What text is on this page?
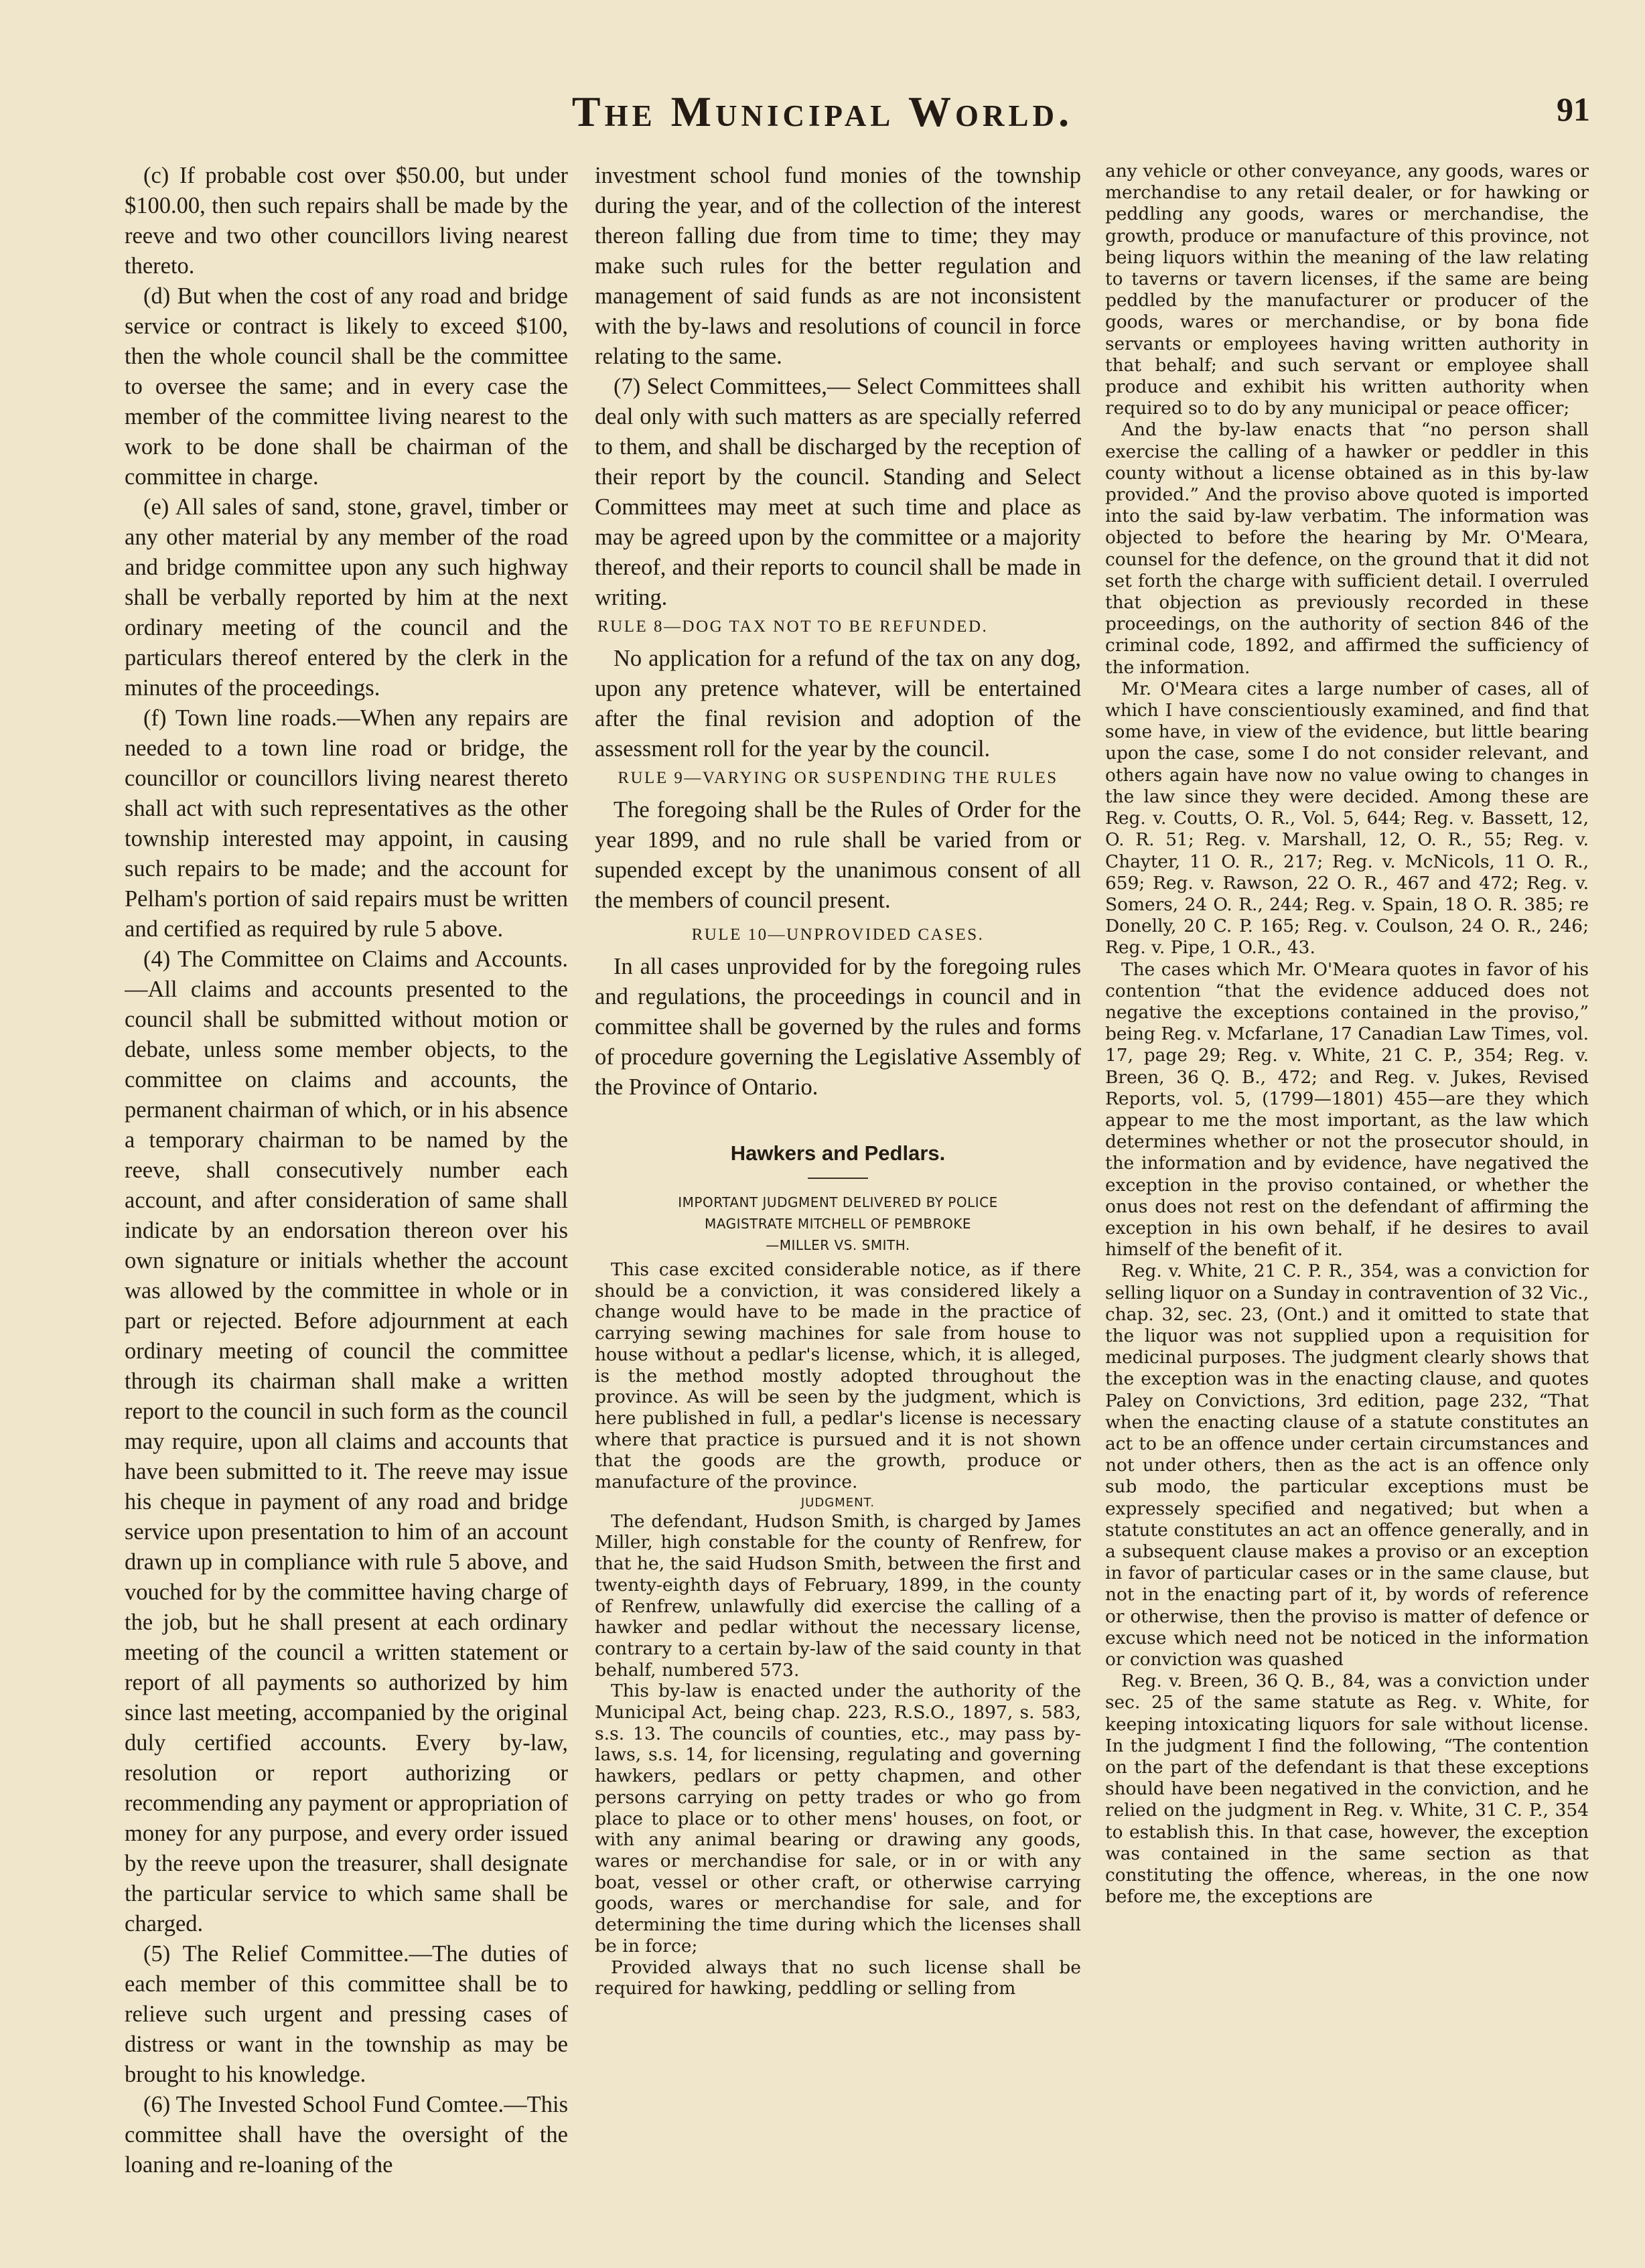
The Municipal World.	91

(c) If probable cost over $50.00, but under $100.00, then such repairs shall be made by the reeve and two other councillors living nearest thereto.

(d) But when the cost of any road and bridge service or contract is likely to exceed $100, then the whole council shall be the committee to oversee the same; and in every case the member of the committee living nearest to the work to be done shall be chairman of the committee in charge.

(e) All sales of sand, stone, gravel, timber or any other material by any member of the road and bridge committee upon any such highway shall be verbally reported by him at the next ordinary meeting of the council and the particulars thereof entered by the clerk in the minutes of the proceedings.

(f) Town line roads.—When any repairs are needed to a town line road or bridge, the councillor or councillors living nearest thereto shall act with such representatives as the other township interested may appoint, in causing such repairs to be made; and the account for Pelham's portion of said repairs must be written and certified as required by rule 5 above.

(4) The Committee on Claims and Accounts.—All claims and accounts presented to the council shall be submitted without motion or debate, unless some member objects, to the committee on claims and accounts, the permanent chairman of which, or in his absence a temporary chairman to be named by the reeve, shall consecutively number each account, and after consideration of same shall indicate by an endorsation thereon over his own signature or initials whether the account was allowed by the committee in whole or in part or rejected. Before adjournment at each ordinary meeting of council the committee through its chairman shall make a written report to the council in such form as the council may require, upon all claims and accounts that have been submitted to it. The reeve may issue his cheque in payment of any road and bridge service upon presentation to him of an account drawn up in compliance with rule 5 above, and vouched for by the committee having charge of the job, but he shall present at each ordinary meeting of the council a written statement or report of all payments so authorized by him since last meeting, accompanied by the original duly certified accounts. Every by-law, resolution or report authorizing or recommending any payment or appropriation of money for any purpose, and every order issued by the reeve upon the treasurer, shall designate the particular service to which same shall be charged.

(5) The Relief Committee.—The duties of each member of this committee shall be to relieve such urgent and pressing cases of distress or want in the township as may be brought to his knowledge.

(6) The Invested School Fund Comtee.—This committee shall have the oversight of the loaning and re-loaning of the

investment school fund monies of the township during the year, and of the collection of the interest thereon falling due from time to time; they may make such rules for the better regulation and management of said funds as are not inconsistent with the by-laws and resolutions of council in force relating to the same.

(7) Select Committees,— Select Committees shall deal only with such matters as are specially referred to them, and shall be discharged by the reception of their report by the council. Standing and Select Committees may meet at such time and place as may be agreed upon by the committee or a majority thereof, and their reports to council shall be made in writing.

RULE 8—DOG TAX NOT TO BE REFUNDED.

No application for a refund of the tax on any dog, upon any pretence whatever, will be entertained after the final revision and adoption of the assessment roll for the year by the council.

RULE 9—VARYING OR SUSPENDING THE RULES

The foregoing shall be the Rules of Order for the year 1899, and no rule shall be varied from or supended except by the unanimous consent of all the members of council present.

RULE 10—UNPROVIDED CASES.

In all cases unprovided for by the foregoing rules and regulations, the proceedings in council and in committee shall be governed by the rules and forms of procedure governing the Legislative Assembly of the Province of Ontario.

Hawkers and Pedlars.
IMPORTANT JUDGMENT DELIVERED BY POLICE
MAGISTRATE MITCHELL OF PEMBROKE
—MILLER VS. SMITH.

This case excited considerable notice, as if there should be a conviction, it was considered likely a change would have to be made in the practice of carrying sewing machines for sale from house to house without a pedlar's license, which, it is alleged, is the method mostly adopted throughout the province. As will be seen by the judgment, which is here published in full, a pedlar's license is necessary where that practice is pursued and it is not shown that the goods are the growth, produce or manufacture of the province.

JUDGMENT.

The defendant, Hudson Smith, is charged by James Miller, high constable for the county of Renfrew, for that he, the said Hudson Smith, between the first and twenty-eighth days of February, 1899, in the county of Renfrew, unlawfully did exercise the calling of a hawker and pedlar without the necessary license, contrary to a certain by-law of the said county in that behalf, numbered 573.

This by-law is enacted under the authority of the Municipal Act, being chap. 223, R.S.O., 1897, s. 583, s.s. 13. The councils of counties, etc., may pass by-laws, s.s. 14, for licensing, regulating and governing hawkers, pedlars or petty chapmen, and other persons carrying on petty trades or who go from place to place or to other mens' houses, on foot, or with any animal bearing or drawing any goods, wares or merchandise for sale, or in or with any boat, vessel or other craft, or otherwise carrying goods, wares or merchandise for sale, and for determining the time during which the licenses shall be in force;

Provided always that no such license shall be required for hawking, peddling or selling from

any vehicle or other conveyance, any goods, wares or merchandise to any retail dealer, or for hawking or peddling any goods, wares or merchandise, the growth, produce or manufacture of this province, not being liquors within the meaning of the law relating to taverns or tavern licenses, if the same are being peddled by the manufacturer or producer of the goods, wares or merchandise, or by bona fide servants or employees having written authority in that behalf; and such servant or employee shall produce and exhibit his written authority when required so to do by any municipal or peace officer;

And the by-law enacts that “no person shall exercise the calling of a hawker or peddler in this county without a license obtained as in this by-law provided.” And the proviso above quoted is imported into the said by-law verbatim. The information was objected to before the hearing by Mr. O'Meara, counsel for the defence, on the ground that it did not set forth the charge with sufficient detail. I overruled that objection as previously recorded in these proceedings, on the authority of section 846 of the criminal code, 1892, and affirmed the sufficiency of the information.

Mr. O'Meara cites a large number of cases, all of which I have conscientiously examined, and find that some have, in view of the evidence, but little bearing upon the case, some I do not consider relevant, and others again have now no value owing to changes in the law since they were decided. Among these are Reg. v. Coutts, O. R., Vol. 5, 644; Reg. v. Bassett, 12, O. R. 51; Reg. v. Marshall, 12, O. R., 55; Reg. v. Chayter, 11 O. R., 217; Reg. v. McNicols, 11 O. R., 659; Reg. v. Rawson, 22 O. R., 467 and 472; Reg. v. Somers, 24 O. R., 244; Reg. v. Spain, 18 O. R. 385; re Donelly, 20 C. P. 165; Reg. v. Coulson, 24 O. R., 246; Reg. v. Pipe, 1 O.R., 43.

The cases which Mr. O'Meara quotes in favor of his contention “that the evidence adduced does not negative the exceptions contained in the proviso,” being Reg. v. Mcfarlane, 17 Canadian Law Times, vol. 17, page 29; Reg. v. White, 21 C. P., 354; Reg. v. Breen, 36 Q. B., 472; and Reg. v. Jukes, Revised Reports, vol. 5, (1799—1801) 455—are they which appear to me the most important, as the law which determines whether or not the prosecutor should, in the information and by evidence, have negatived the exception in the proviso contained, or whether the onus does not rest on the defendant of affirming the exception in his own behalf, if he desires to avail himself of the benefit of it.

Reg. v. White, 21 C. P. R., 354, was a conviction for selling liquor on a Sunday in contravention of 32 Vic., chap. 32, sec. 23, (Ont.) and it omitted to state that the liquor was not supplied upon a requisition for medicinal purposes. The judgment clearly shows that the exception was in the enacting clause, and quotes Paley on Convictions, 3rd edition, page 232, “That when the enacting clause of a statute constitutes an act to be an offence under certain circumstances and not under others, then as the act is an offence only sub modo, the particular exceptions must be expressely specified and negatived; but when a statute constitutes an act an offence generally, and in a subsequent clause makes a proviso or an exception in favor of particular cases or in the same clause, but not in the enacting part of it, by words of reference or otherwise, then the proviso is matter of defence or excuse which need not be noticed in the information or conviction was quashed

Reg. v. Breen, 36 Q. B., 84, was a conviction under sec. 25 of the same statute as Reg. v. White, for keeping intoxicating liquors for sale without license. In the judgment I find the following, “The contention on the part of the defendant is that these exceptions should have been negatived in the conviction, and he relied on the judgment in Reg. v. White, 31 C. P., 354 to establish this. In that case, however, the exception was contained in the same section as that constituting the offence, whereas, in the one now before me, the exceptions are
